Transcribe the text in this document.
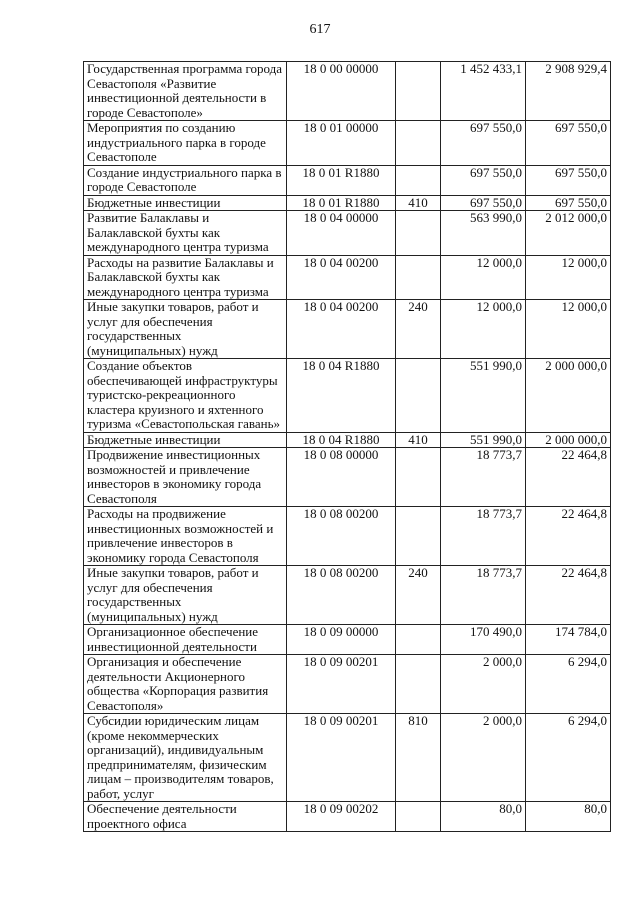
617
Государственная программа города Севастополя «Развитие инвестиционной деятельности в городе Севастополе»	18 0 00 00000		1 452 433,1	2 908 929,4
Мероприятия по созданию индустриального парка в городе Севастополе	18 0 01 00000		697 550,0	697 550,0
Создание индустриального парка в городе Севастополе	18 0 01 R1880		697 550,0	697 550,0
Бюджетные инвестиции	18 0 01 R1880	410	697 550,0	697 550,0
Развитие Балаклавы и Балаклавской бухты как международного центра туризма	18 0 04 00000		563 990,0	2 012 000,0
Расходы на развитие Балаклавы и Балаклавской бухты как международного центра туризма	18 0 04 00200		12 000,0	12 000,0
Иные закупки товаров, работ и услуг для обеспечения государственных (муниципальных) нужд	18 0 04 00200	240	12 000,0	12 000,0
Создание объектов обеспечивающей инфраструктуры туристско-рекреационного кластера круизного и яхтенного туризма «Севастопольская гавань»	18 0 04 R1880		551 990,0	2 000 000,0
Бюджетные инвестиции	18 0 04 R1880	410	551 990,0	2 000 000,0
Продвижение инвестиционных возможностей и привлечение инвесторов в экономику города Севастополя	18 0 08 00000		18 773,7	22 464,8
Расходы на продвижение инвестиционных возможностей и привлечение инвесторов в экономику города Севастополя	18 0 08 00200		18 773,7	22 464,8
Иные закупки товаров, работ и услуг для обеспечения государственных (муниципальных) нужд	18 0 08 00200	240	18 773,7	22 464,8
Организационное обеспечение инвестиционной деятельности	18 0 09 00000		170 490,0	174 784,0
Организация и обеспечение деятельности Акционерного общества «Корпорация развития Севастополя»	18 0 09 00201		2 000,0	6 294,0
Субсидии юридическим лицам (кроме некоммерческих организаций), индивидуальным предпринимателям, физическим лицам – производителям товаров, работ, услуг	18 0 09 00201	810	2 000,0	6 294,0
Обеспечение деятельности проектного офиса	18 0 09 00202		80,0	80,0
